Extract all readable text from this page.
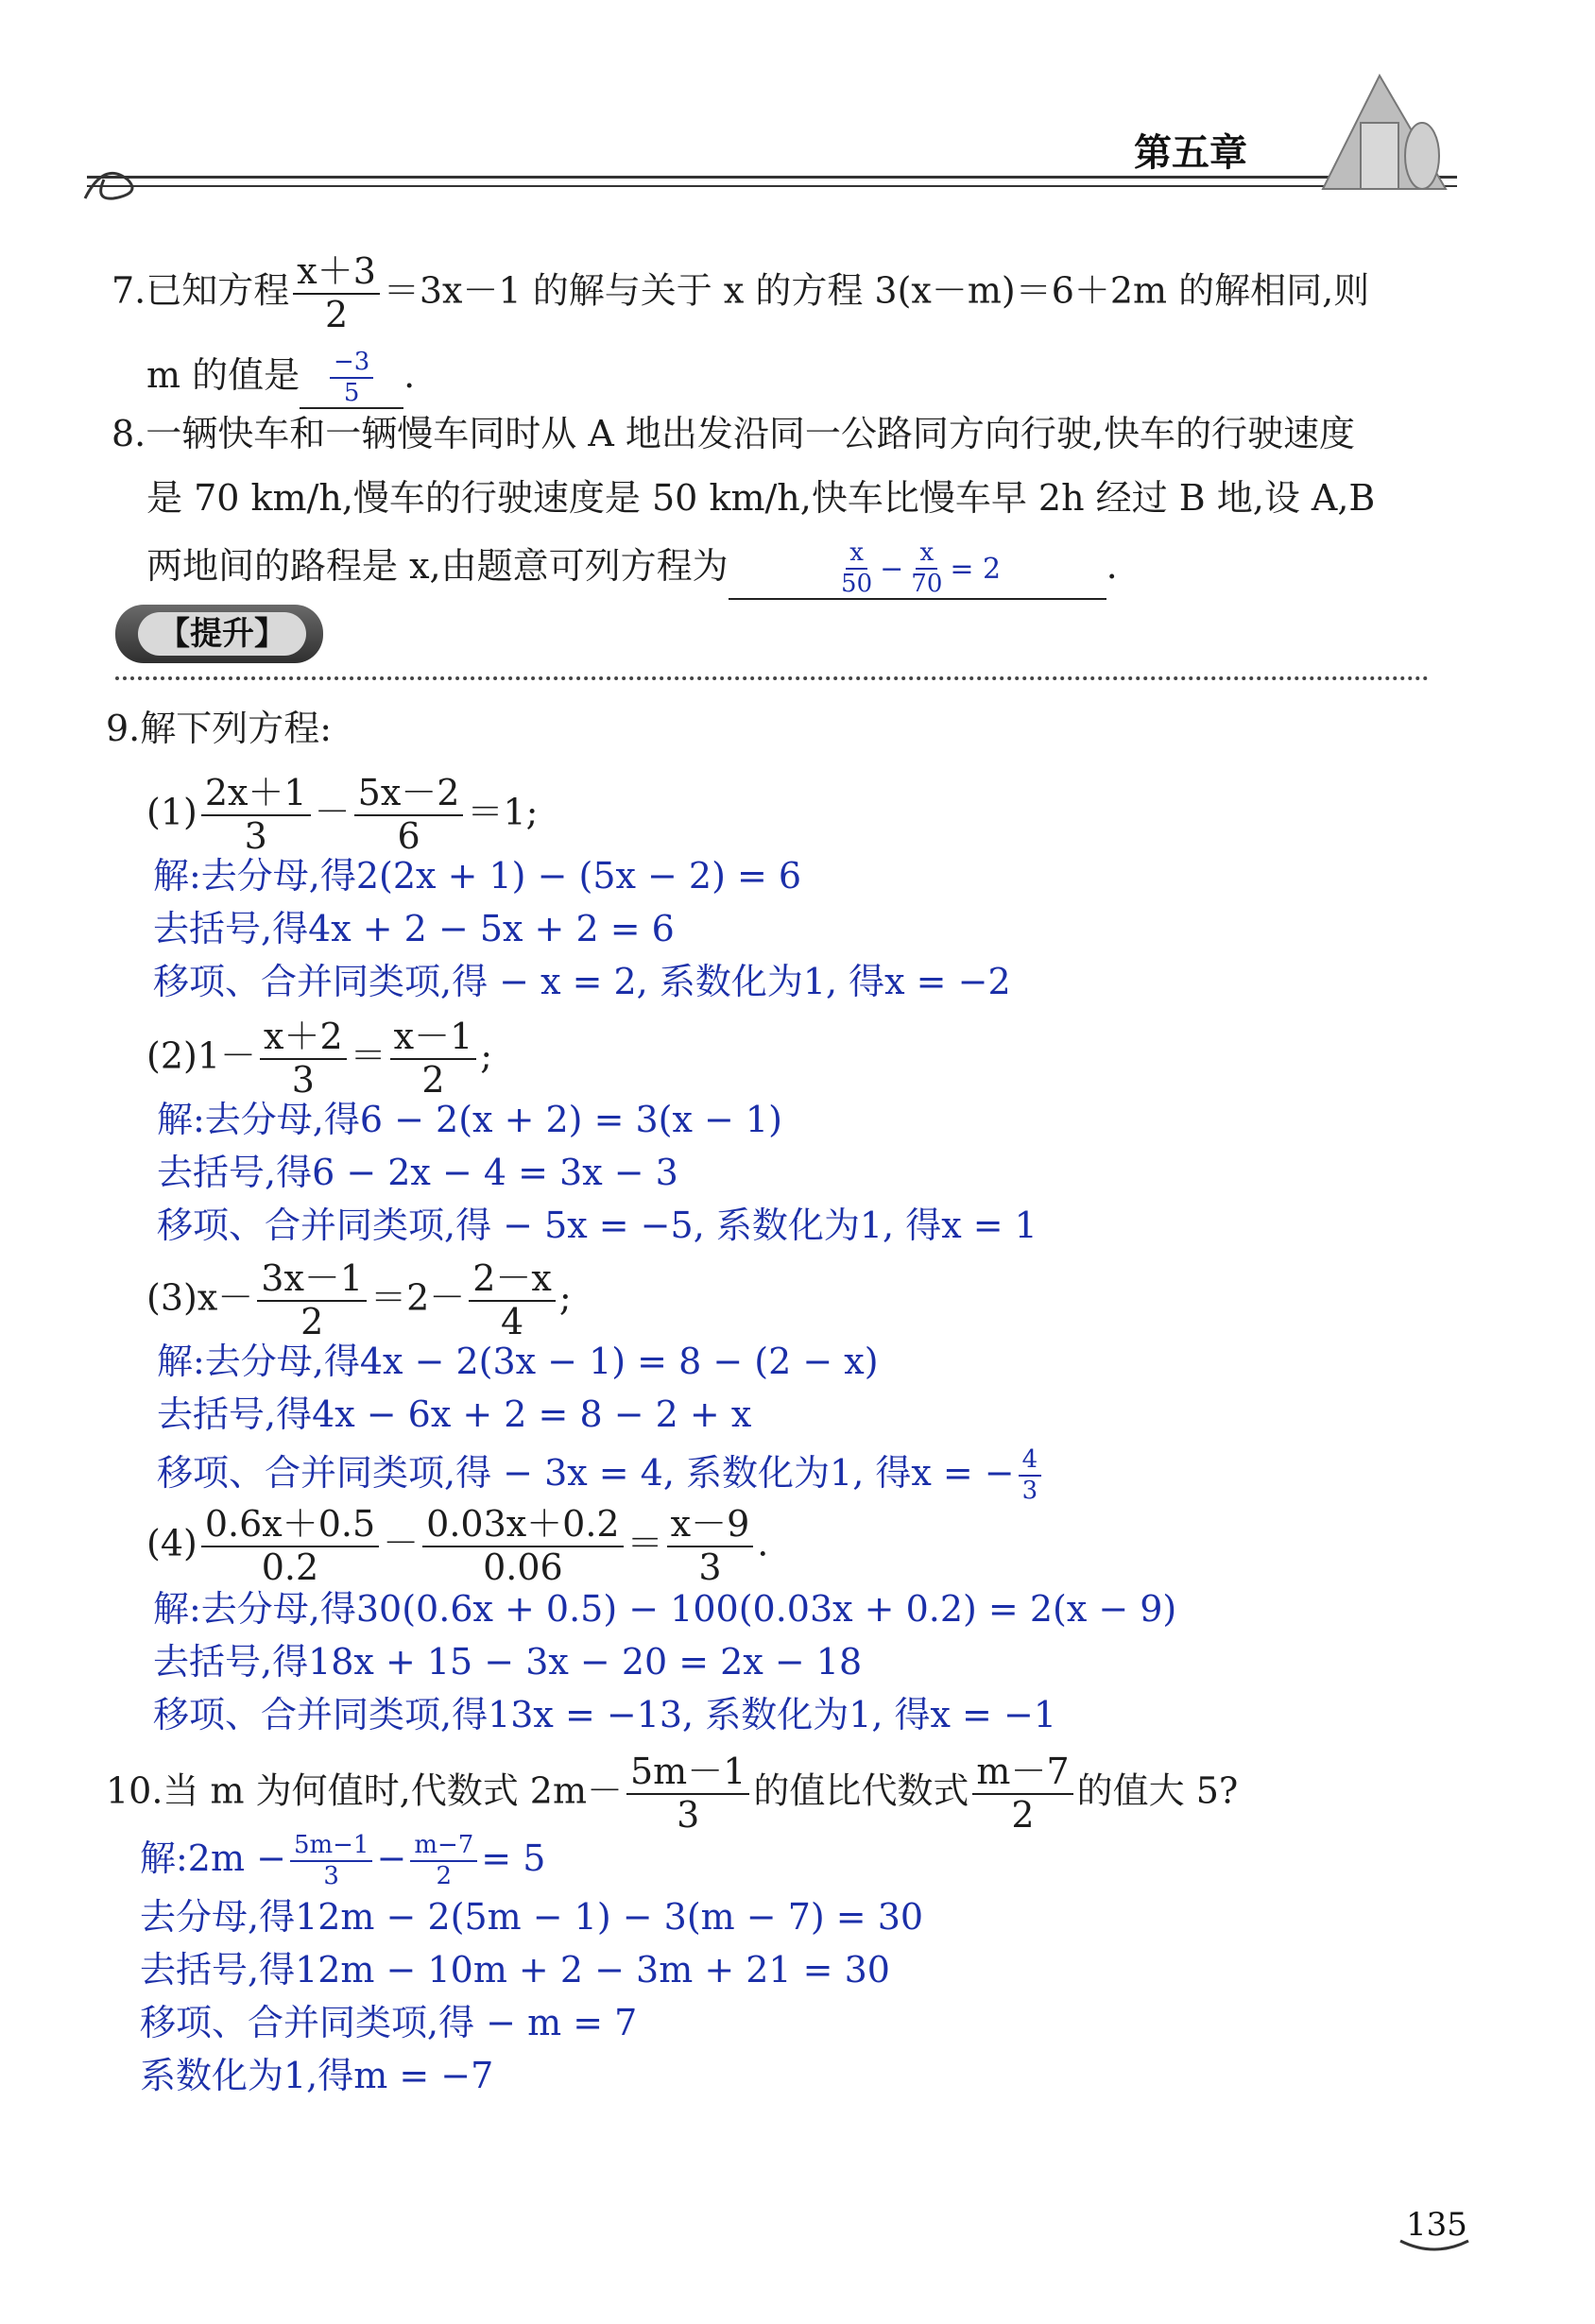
第五章
7.已知方程 $\frac{x+3}{2} =3x-1$ 的解与关于 x 的方程 3(x－m)＝6＋2m 的解相同,则
m 的值是 $\frac{-3}{5}$ .
8.一辆快车和一辆慢车同时从 A 地出发沿同一公路同方向行驶,快车的行驶速度
是 70 km/h,慢车的行驶速度是 50 km/h,快车比慢车早 2h 经过 B 地,设 A,B
两地间的路程是 x,由题意可列方程为	$\frac{x}{50} - \frac{x}{70} = 2$	.
【提升】
9.解下列方程:
$(1) \frac{2x+1}{3} - \frac{5x-2}{6} =1$;
解:去分母,得2(2x + 1) − (5x − 2) = 6
去括号,得4x + 2 − 5x + 2 = 6
移项、合并同类项,得 − x = 2, 系数化为1, 得x = −2
$(2)1- \frac{x+2}{3} = \frac{x-1}{2}$ ;
解:去分母,得6 − 2(x + 2) = 3(x − 1)
去括号,得6 − 2x − 4 = 3x − 3
移项、合并同类项,得 − 5x = −5, 系数化为1, 得x = 1
$(3)x- \frac{3x-1}{2} =2- \frac{2-x}{4}$ ;
解:去分母,得4x − 2(3x − 1) = 8 − (2 − x)
去括号,得4x − 6x + 2 = 8 − 2 + x
移项、合并同类项,得 − 3x = 4, 系数化为1, 得x = − $\frac{4}{3}$
$(4) \frac{0.6x+0.5}{0.2} - \frac{0.03x+0.2}{0.06} = \frac{x-9}{3}$ .
解:去分母,得30(0.6x + 0.5) − 100(0.03x + 0.2) = 2(x − 9)
去括号,得18x + 15 − 3x − 20 = 2x − 18
移项、合并同类项,得13x = −13, 系数化为1, 得x = −1
10.当 m 为何值时,代数式 $2m- \frac{5m-1}{3}$ 的值比代数式 $\frac{m-7}{2}$ 的值大 5?
解:2m − $\frac{5m-1}{3} - \frac{m-7}{2} = 5$
去分母,得12m − 2(5m − 1) − 3(m − 7) = 30
去括号,得12m − 10m + 2 − 3m + 21 = 30
移项、合并同类项,得 − m = 7
系数化为1,得m = −7
135
